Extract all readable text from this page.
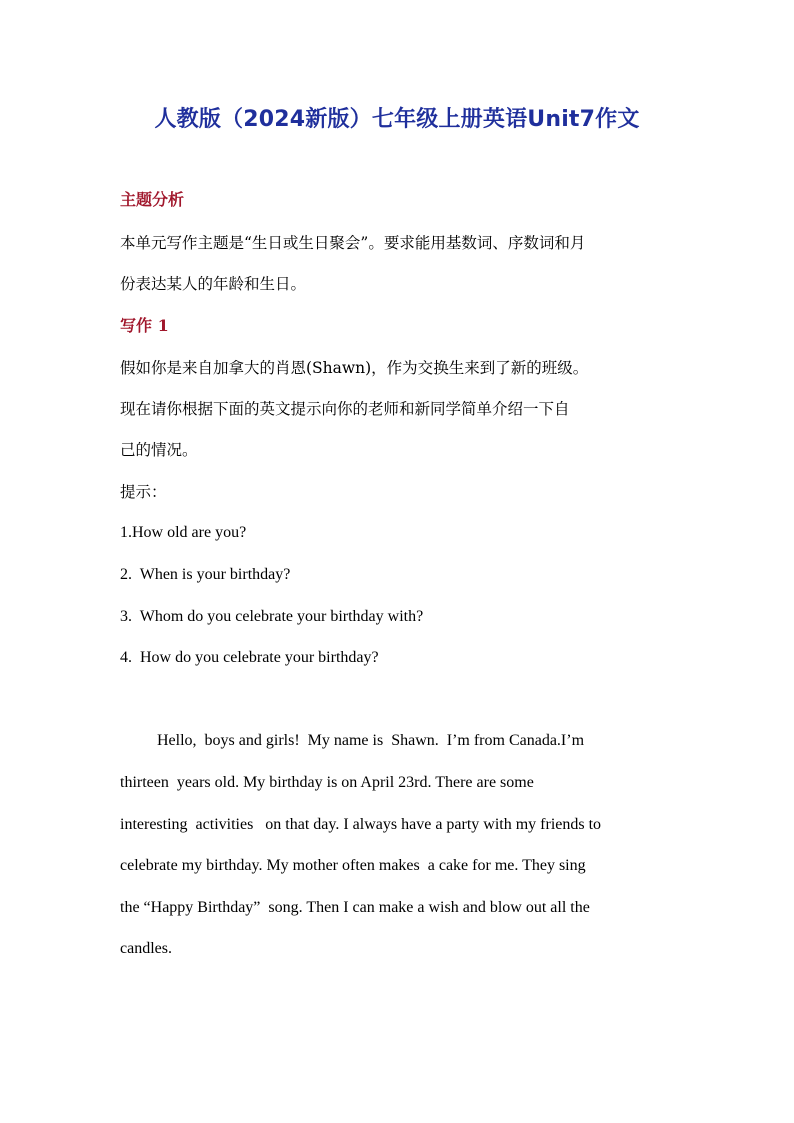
人教版（2024新版）七年级上册英语Unit7作文
主题分析
本单元写作主题是“生日或生日聚会”。要求能用基数词、序数词和月
份表达某人的年龄和生日。
写作 1
假如你是来自加拿大的肖恩(Shawn)，作为交换生来到了新的班级。
现在请你根据下面的英文提示向你的老师和新同学简单介绍一下自
己的情况。
提示：
1.How old are you?
2.  When is your birthday?
3.  Whom do you celebrate your birthday with?
4.  How do you celebrate your birthday?
Hello,  boys and girls!  My name is  Shawn.  I’m from Canada.I’m
thirteen  years old. My birthday is on April 23rd. There are some
interesting  activities   on that day. I always have a party with my friends to
celebrate my birthday. My mother often makes  a cake for me. They sing
the “Happy Birthday”  song. Then I can make a wish and blow out all the
candles.
